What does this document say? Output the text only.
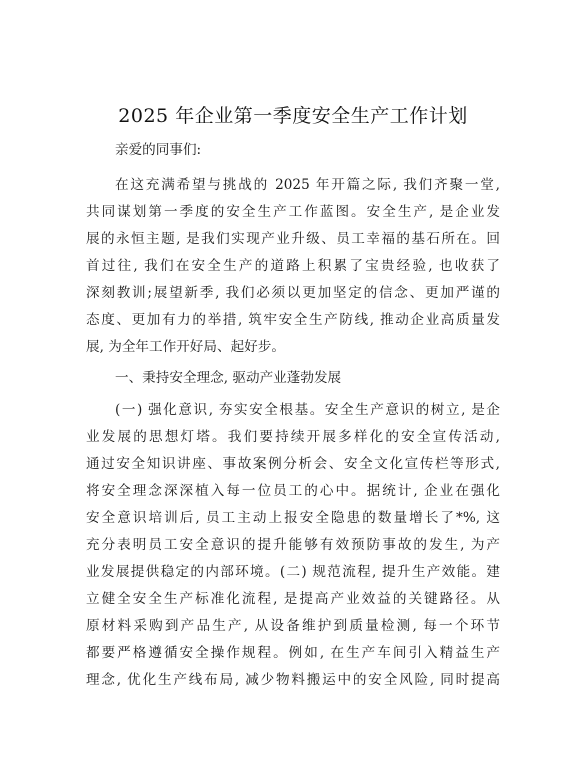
2025 年企业第一季度安全生产工作计划
亲爱的同事们:
在这充满希望与挑战的 2025 年开篇之际, 我们齐聚一堂,
共同谋划第一季度的安全生产工作蓝图。安全生产, 是企业发
展的永恒主题, 是我们实现产业升级、员工幸福的基石所在。回
首过往, 我们在安全生产的道路上积累了宝贵经验, 也收获了
深刻教训;展望新季, 我们必须以更加坚定的信念、更加严谨的
态度、更加有力的举措, 筑牢安全生产防线, 推动企业高质量发
展, 为全年工作开好局、起好步。
一、秉持安全理念, 驱动产业蓬勃发展
(一) 强化意识, 夯实安全根基。安全生产意识的树立, 是企
业发展的思想灯塔。我们要持续开展多样化的安全宣传活动,
通过安全知识讲座、事故案例分析会、安全文化宣传栏等形式,
将安全理念深深植入每一位员工的心中。据统计, 企业在强化
安全意识培训后, 员工主动上报安全隐患的数量增长了*%, 这
充分表明员工安全意识的提升能够有效预防事故的发生, 为产
业发展提供稳定的内部环境。(二) 规范流程, 提升生产效能。建
立健全安全生产标准化流程, 是提高产业效益的关键路径。从
原材料采购到产品生产, 从设备维护到质量检测, 每一个环节
都要严格遵循安全操作规程。例如, 在生产车间引入精益生产
理念, 优化生产线布局, 减少物料搬运中的安全风险, 同时提高
